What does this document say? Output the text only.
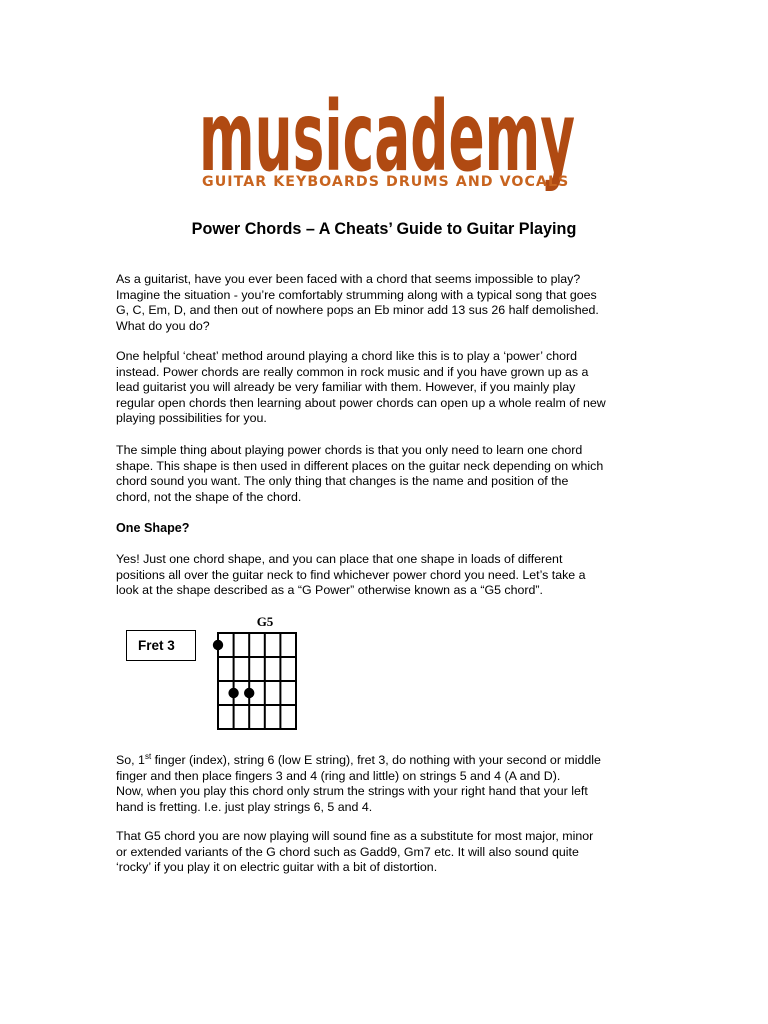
musicademy
GUITAR KEYBOARDS DRUMS AND VOCALS
Power Chords – A Cheats’ Guide to Guitar Playing

As a guitarist, have you ever been faced with a chord that seems impossible to play?
Imagine the situation - you’re comfortably strumming along with a typical song that goes
G, C, Em, D, and then out of nowhere pops an Eb minor add 13 sus 26 half demolished.
What do you do?

One helpful ‘cheat’ method around playing a chord like this is to play a ‘power’ chord
instead. Power chords are really common in rock music and if you have grown up as a
lead guitarist you will already be very familiar with them. However, if you mainly play
regular open chords then learning about power chords can open up a whole realm of new
playing possibilities for you.

The simple thing about playing power chords is that you only need to learn one chord
shape. This shape is then used in different places on the guitar neck depending on which
chord sound you want. The only thing that changes is the name and position of the
chord, not the shape of the chord.

One Shape?

Yes! Just one chord shape, and you can place that one shape in loads of different
positions all over the guitar neck to find whichever power chord you need. Let’s take a
look at the shape described as a “G Power” otherwise known as a “G5 chord”.

Fret 3
G5

So, 1st finger (index), string 6 (low E string), fret 3, do nothing with your second or middle
finger and then place fingers 3 and 4 (ring and little) on strings 5 and 4 (A and D).
Now, when you play this chord only strum the strings with your right hand that your left
hand is fretting. I.e. just play strings 6, 5 and 4.

That G5 chord you are now playing will sound fine as a substitute for most major, minor
or extended variants of the G chord such as Gadd9, Gm7 etc. It will also sound quite
‘rocky’ if you play it on electric guitar with a bit of distortion.
